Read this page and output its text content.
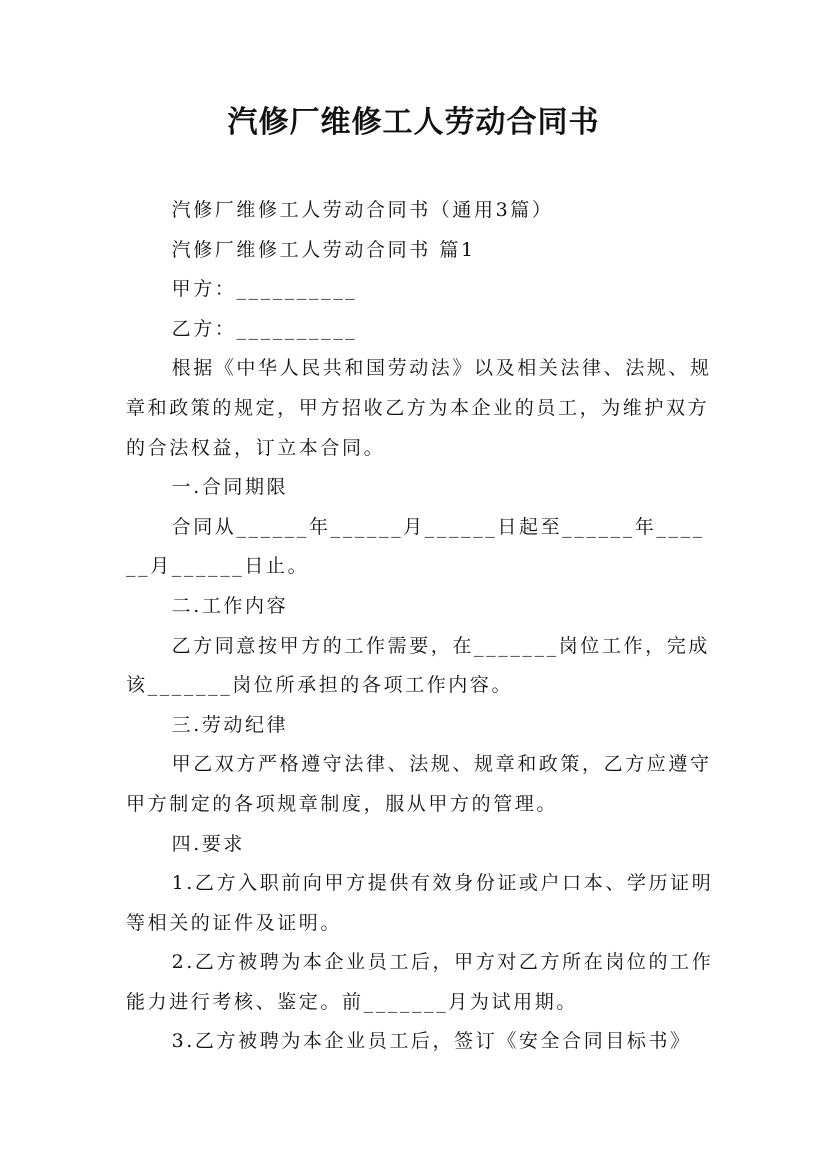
汽修厂维修工人劳动合同书

汽修厂维修工人劳动合同书（通用3篇）

汽修厂维修工人劳动合同书 篇1

甲方：__________

乙方：__________

根据《中华人民共和国劳动法》以及相关法律、法规、规章和政策的规定，甲方招收乙方为本企业的员工，为维护双方的合法权益，订立本合同。

一.合同期限

合同从______年______月______日起至______年______月______日止。

二.工作内容

乙方同意按甲方的工作需要，在_______岗位工作，完成该_______岗位所承担的各项工作内容。

三.劳动纪律

甲乙双方严格遵守法律、法规、规章和政策，乙方应遵守甲方制定的各项规章制度，服从甲方的管理。

四.要求

1.乙方入职前向甲方提供有效身份证或户口本、学历证明等相关的证件及证明。

2.乙方被聘为本企业员工后，甲方对乙方所在岗位的工作能力进行考核、鉴定。前_______月为试用期。

3.乙方被聘为本企业员工后，签订《安全合同目标书》
